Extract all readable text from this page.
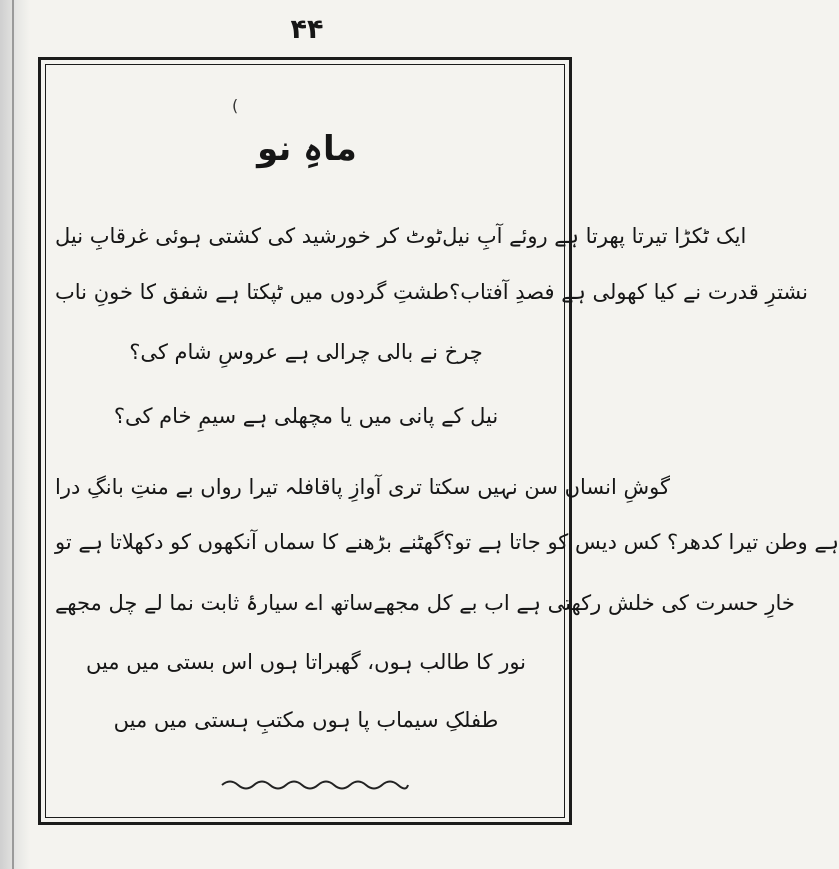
۴۴
(
ماہِ نو
ٹوٹ کر خورشید کی کشتی ہوئی غرقابِ نیل ایک ٹکڑا تیرتا پھرتا ہے روئے آبِ نیل
طشتِ گردوں میں ٹپکتا ہے شفق کا خونِ ناب نشترِ قدرت نے کیا کھولی ہے فصدِ آفتاب؟
چرخ نے بالی چرالی ہے عروسِ شام کی؟
نیل کے پانی میں یا مچھلی ہے سیمِ خام کی؟
قافلہ تیرا رواں بے منتِ بانگِ درا گوشِ انساں سن نہیں سکتا تری آوازِ پا
گھٹنے بڑھنے کا سماں آنکھوں کو دکھلاتا ہے تو ہے وطن تیرا کدھر؟ کس دیس کو جاتا ہے تو؟
ساتھ اے سیارۂ ثابت نما لے چل مجھے خارِ حسرت کی خلش رکھتی ہے اب بے کل مجھے
نور کا طالب ہوں، گھبراتا ہوں اس بستی میں میں
طفلکِ سیماب پا ہوں مکتبِ ہستی میں میں
